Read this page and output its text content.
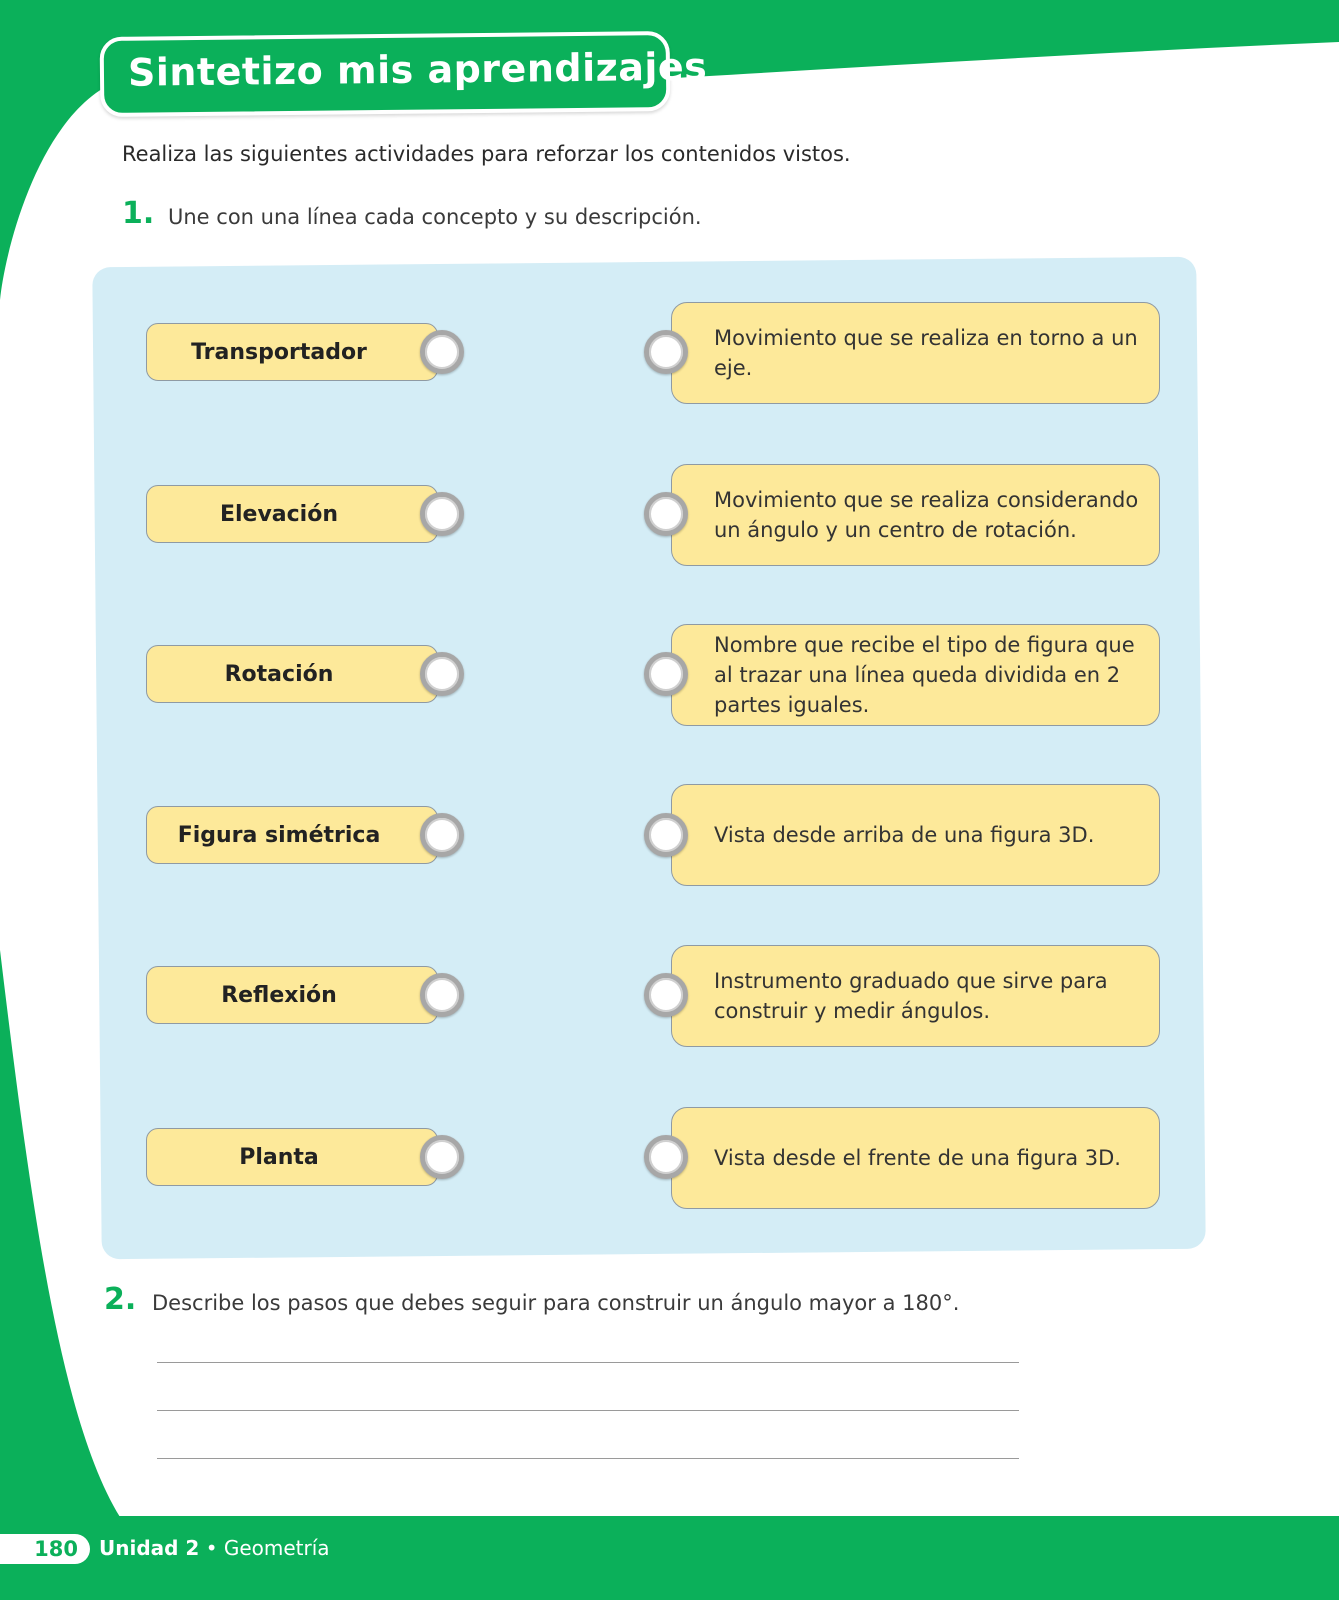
Sintetizo mis aprendizajes
Realiza las siguientes actividades para reforzar los contenidos vistos.
1. Une con una línea cada concepto y su descripción.
Transportador
Elevación
Rotación
Figura simétrica
Reflexión
Planta
Movimiento que se realiza en torno a un eje.
Movimiento que se realiza considerando un ángulo y un centro de rotación.
Nombre que recibe el tipo de figura que al trazar una línea queda dividida en 2 partes iguales.
Vista desde arriba de una figura 3D.
Instrumento graduado que sirve para construir y medir ángulos.
Vista desde el frente de una figura 3D.
2. Describe los pasos que debes seguir para construir un ángulo mayor a 180°.
180	Unidad 2 • Geometría
